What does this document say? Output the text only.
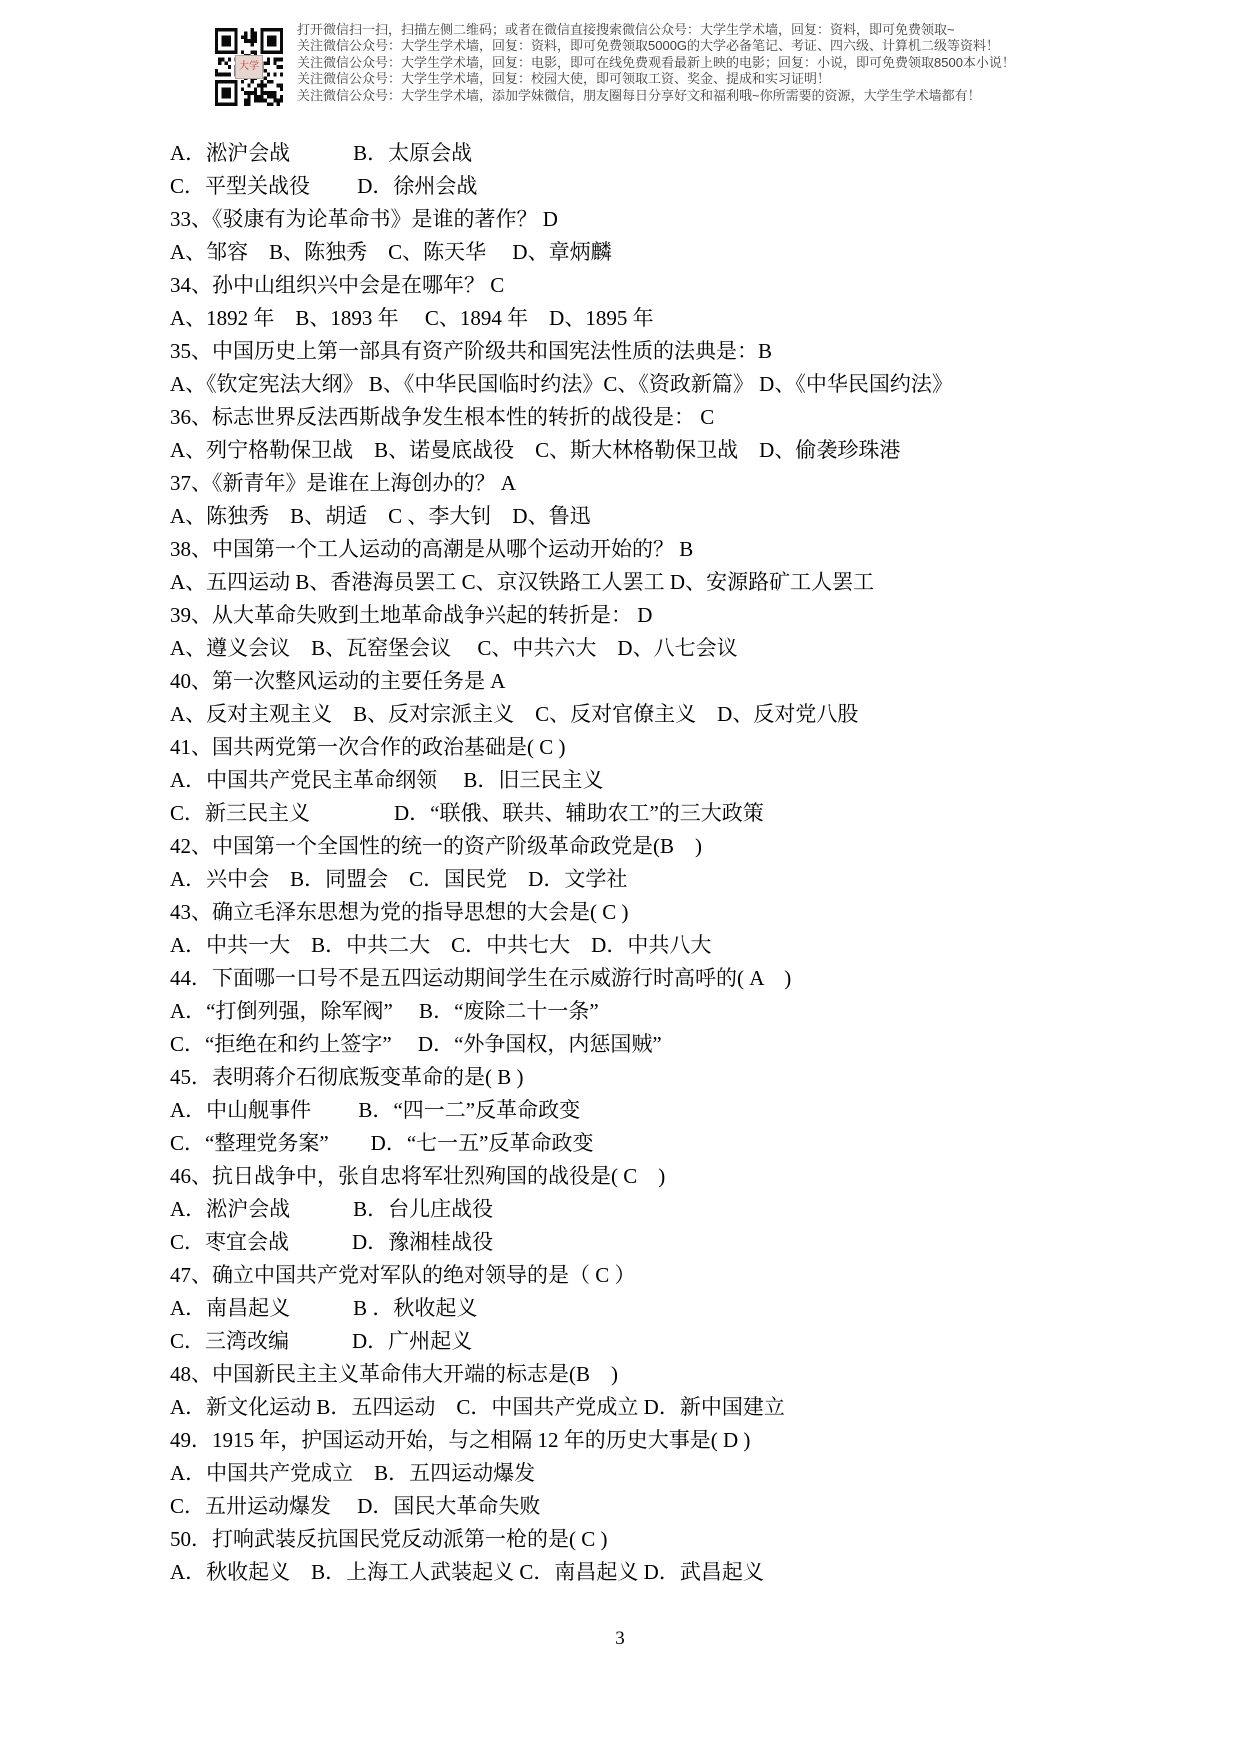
大学
打开微信扫一扫，扫描左侧二维码；或者在微信直接搜索微信公众号：大学生学术墙，回复：资料，即可免费领取~
关注微信公众号：大学生学术墙，回复：资料，即可免费领取5000G的大学必备笔记、考证、四六级、计算机二级等资料！
关注微信公众号：大学生学术墙，回复：电影，即可在线免费观看最新上映的电影；回复：小说，即可免费领取8500本小说！
关注微信公众号：大学生学术墙，回复：校园大使，即可领取工资、奖金、提成和实习证明！
关注微信公众号：大学生学术墙，添加学妹微信，朋友圈每日分享好文和福利哦~你所需要的资源，大学生学术墙都有！
A．淞沪会战　　　B．太原会战
C．平型关战役　　 D．徐州会战
33、《驳康有为论革命书》是谁的著作？ D
A、邹容　B、陈独秀　C、陈天华　 D、章炳麟
34、孙中山组织兴中会是在哪年？ C
A、1892 年　B、1893 年　 C、1894 年　D、1895 年
35、中国历史上第一部具有资产阶级共和国宪法性质的法典是：B
A、《钦定宪法大纲》 B、《中华民国临时约法》C、《资政新篇》 D、《中华民国约法》
36、标志世界反法西斯战争发生根本性的转折的战役是： C
A、列宁格勒保卫战　B、诺曼底战役　C、斯大林格勒保卫战　D、偷袭珍珠港
37、《新青年》是谁在上海创办的？ A
A、陈独秀　B、胡适　C 、李大钊　D、鲁迅
38、中国第一个工人运动的高潮是从哪个运动开始的？ B
A、五四运动 B、香港海员罢工 C、京汉铁路工人罢工 D、安源路矿工人罢工
39、从大革命失败到土地革命战争兴起的转折是： D
A、遵义会议　B、瓦窑堡会议　 C、中共六大　D、八七会议
40、第一次整风运动的主要任务是 A
A、反对主观主义　B、反对宗派主义　C、反对官僚主义　D、反对党八股
41、国共两党第一次合作的政治基础是( C )
A．中国共产党民主革命纲领　 B．旧三民主义
C．新三民主义　　　　D．“联俄、联共、辅助农工”的三大政策
42、中国第一个全国性的统一的资产阶级革命政党是(B　)
A．兴中会　B．同盟会　C．国民党　D．文学社
43、确立毛泽东思想为党的指导思想的大会是( C )
A．中共一大　B．中共二大　C．中共七大　D．中共八大
44．下面哪一口号不是五四运动期间学生在示威游行时高呼的( A　)
A．“打倒列强，除军阀”　 B．“废除二十一条”
C．“拒绝在和约上签字”　 D．“外争国权，内惩国贼”
45．表明蒋介石彻底叛变革命的是( B )
A．中山舰事件　　 B．“四一二”反革命政变
C．“整理党务案”　　D．“七一五”反革命政变
46、抗日战争中，张自忠将军壮烈殉国的战役是( C　)
A．淞沪会战　　　B．台儿庄战役
C．枣宜会战　　　D．豫湘桂战役
47、确立中国共产党对军队的绝对领导的是（ C ）
A．南昌起义　　　B ．秋收起义
C．三湾改编　　　D．广州起义
48、中国新民主主义革命伟大开端的标志是(B　)
A．新文化运动 B．五四运动　C．中国共产党成立 D．新中国建立
49．1915 年，护国运动开始，与之相隔 12 年的历史大事是( D )
A．中国共产党成立　B．五四运动爆发
C．五卅运动爆发　 D．国民大革命失败
50．打响武装反抗国民党反动派第一枪的是( C )
A．秋收起义　B．上海工人武装起义 C．南昌起义 D．武昌起义
3
